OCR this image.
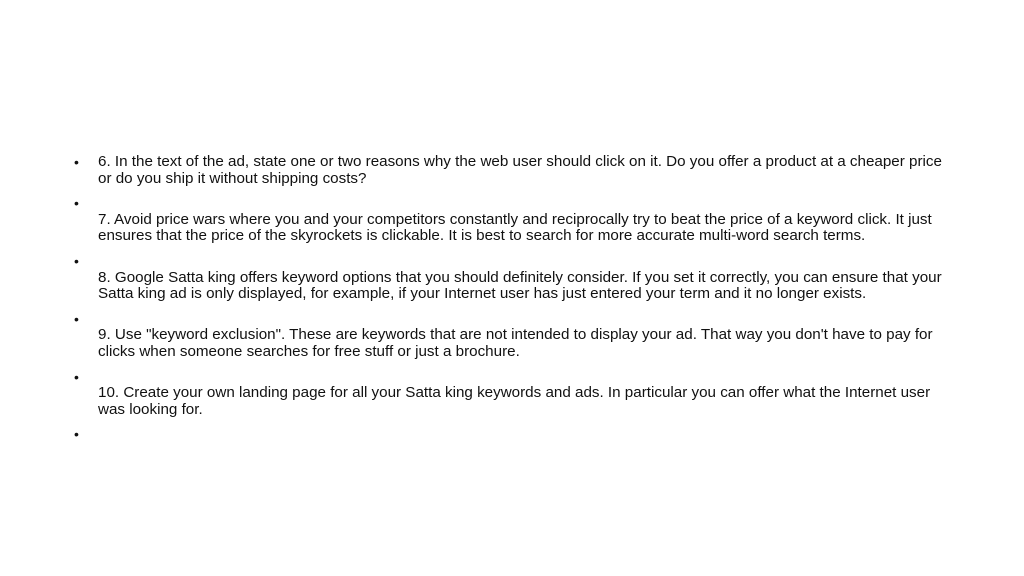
• 6. In the text of the ad, state one or two reasons why the web user should click on it. Do you offer a product at a cheaper price or do you ship it without shipping costs?
•
7. Avoid price wars where you and your competitors constantly and reciprocally try to beat the price of a keyword click. It just ensures that the price of the skyrockets is clickable. It is best to search for more accurate multi-word search terms.
•
8. Google Satta king offers keyword options that you should definitely consider. If you set it correctly, you can ensure that your Satta king ad is only displayed, for example, if your Internet user has just entered your term and it no longer exists.
•
9. Use "keyword exclusion". These are keywords that are not intended to display your ad. That way you don't have to pay for clicks when someone searches for free stuff or just a brochure.
•
10. Create your own landing page for all your Satta king keywords and ads. In particular you can offer what the Internet user was looking for.
•
